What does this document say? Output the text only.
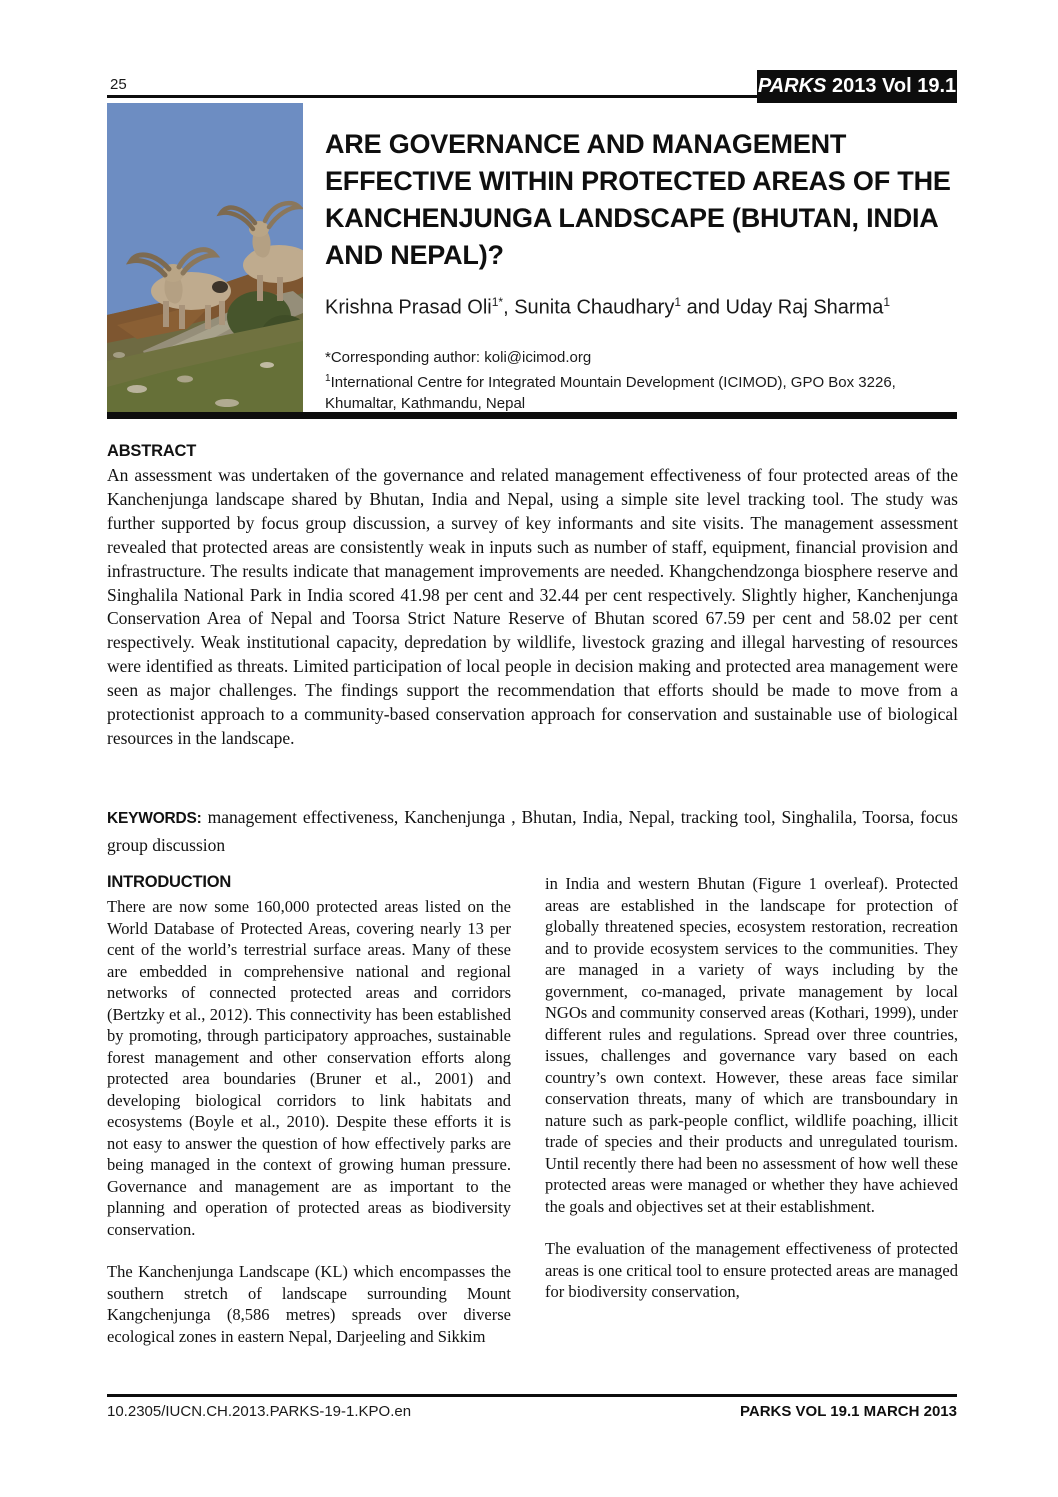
25	PARKS 2013 Vol 19.1
ARE GOVERNANCE AND MANAGEMENT EFFECTIVE WITHIN PROTECTED AREAS OF THE KANCHENJUNGA LANDSCAPE (BHUTAN, INDIA AND NEPAL)?
Krishna Prasad Oli$^{1*}$, Sunita Chaudhary$^1$ and Uday Raj Sharma$^1$
*Corresponding author: koli@icimod.org
$^1$International Centre for Integrated Mountain Development (ICIMOD), GPO Box 3226, Khumaltar, Kathmandu, Nepal
ABSTRACT
An assessment was undertaken of the governance and related management effectiveness of four protected areas of the Kanchenjunga landscape shared by Bhutan, India and Nepal, using a simple site level tracking tool. The study was further supported by focus group discussion, a survey of key informants and site visits. The management assessment revealed that protected areas are consistently weak in inputs such as number of staff, equipment, financial provision and infrastructure. The results indicate that management improvements are needed. Khangchendzonga biosphere reserve and Singhalila National Park in India scored 41.98 per cent and 32.44 per cent respectively. Slightly higher, Kanchenjunga Conservation Area of Nepal and Toorsa Strict Nature Reserve of Bhutan scored 67.59 per cent and 58.02 per cent respectively. Weak institutional capacity, depredation by wildlife, livestock grazing and illegal harvesting of resources were identified as threats. Limited participation of local people in decision making and protected area management were seen as major challenges. The findings support the recommendation that efforts should be made to move from a protectionist approach to a community-based conservation approach for conservation and sustainable use of biological resources in the landscape.
KEYWORDS: management effectiveness, Kanchenjunga , Bhutan, India, Nepal, tracking tool, Singhalila, Toorsa, focus group discussion
INTRODUCTION

There are now some 160,000 protected areas listed on the World Database of Protected Areas, covering nearly 13 per cent of the world’s terrestrial surface areas. Many of these are embedded in comprehensive national and regional networks of connected protected areas and corridors (Bertzky et al., 2012). This connectivity has been established by promoting, through participatory approaches, sustainable forest management and other conservation efforts along protected area boundaries (Bruner et al., 2001) and developing biological corridors to link habitats and ecosystems (Boyle et al., 2010). Despite these efforts it is not easy to answer the question of how effectively parks are being managed in the context of growing human pressure. Governance and management are as important to the planning and operation of protected areas as biodiversity conservation.

The Kanchenjunga Landscape (KL) which encompasses the southern stretch of landscape surrounding Mount Kangchenjunga (8,586 metres) spreads over diverse ecological zones in eastern Nepal, Darjeeling and Sikkim

in India and western Bhutan (Figure 1 overleaf). Protected areas are established in the landscape for protection of globally threatened species, ecosystem restoration, recreation and to provide ecosystem services to the communities. They are managed in a variety of ways including by the government, co-managed, private management by local NGOs and community conserved areas (Kothari, 1999), under different rules and regulations. Spread over three countries, issues, challenges and governance vary based on each country’s own context. However, these areas face similar conservation threats, many of which are transboundary in nature such as park-people conflict, wildlife poaching, illicit trade of species and their products and unregulated tourism. Until recently there had been no assessment of how well these protected areas were managed or whether they have achieved the goals and objectives set at their establishment.

The evaluation of the management effectiveness of protected areas is one critical tool to ensure protected areas are managed for biodiversity conservation,

10.2305/IUCN.CH.2013.PARKS-19-1.KPO.en	PARKS VOL 19.1 MARCH 2013
